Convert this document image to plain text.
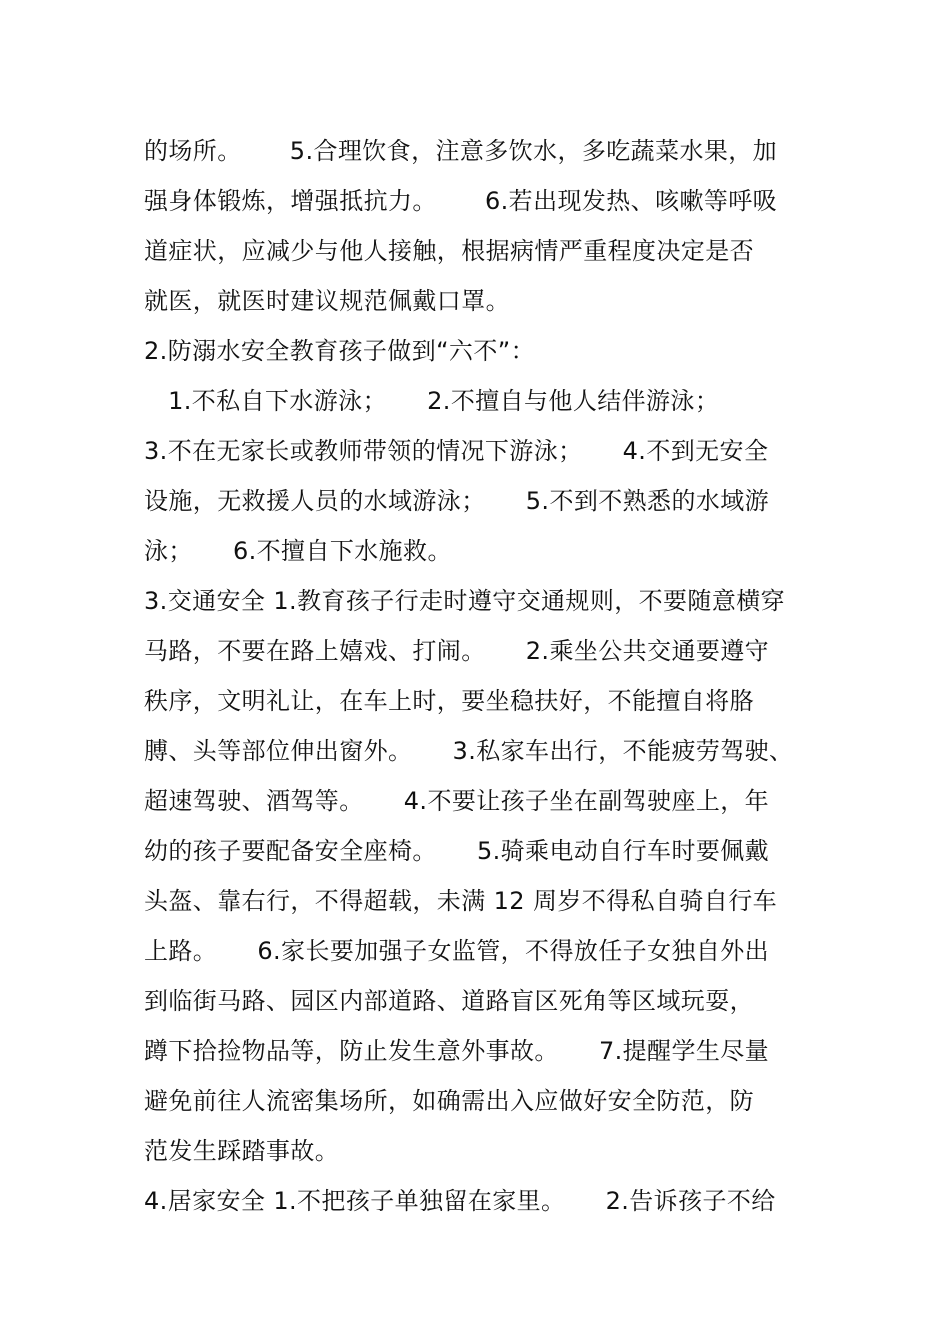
的场所。      5.合理饮食，注意多饮水，多吃蔬菜水果，加
强身体锻炼，增强抵抗力。      6.若出现发热、咳嗽等呼吸
道症状，应减少与他人接触，根据病情严重程度决定是否
就医，就医时建议规范佩戴口罩。
2.防溺水安全教育孩子做到“六不”：
1.不私自下水游泳；     2.不擅自与他人结伴游泳；
3.不在无家长或教师带领的情况下游泳；     4.不到无安全
设施，无救援人员的水域游泳；     5.不到不熟悉的水域游
泳；     6.不擅自下水施救。
3.交通安全 1.教育孩子行走时遵守交通规则，不要随意横穿
马路，不要在路上嬉戏、打闹。     2.乘坐公共交通要遵守
秩序，文明礼让，在车上时，要坐稳扶好，不能擅自将胳
膊、头等部位伸出窗外。     3.私家车出行，不能疲劳驾驶、
超速驾驶、酒驾等。     4.不要让孩子坐在副驾驶座上，年
幼的孩子要配备安全座椅。     5.骑乘电动自行车时要佩戴
头盔、靠右行，不得超载，未满 12 周岁不得私自骑自行车
上路。     6.家长要加强子女监管，不得放任子女独自外出
到临街马路、园区内部道路、道路盲区死角等区域玩耍，
蹲下拾捡物品等，防止发生意外事故。     7.提醒学生尽量
避免前往人流密集场所，如确需出入应做好安全防范，防
范发生踩踏事故。
4.居家安全 1.不把孩子单独留在家里。     2.告诉孩子不给
